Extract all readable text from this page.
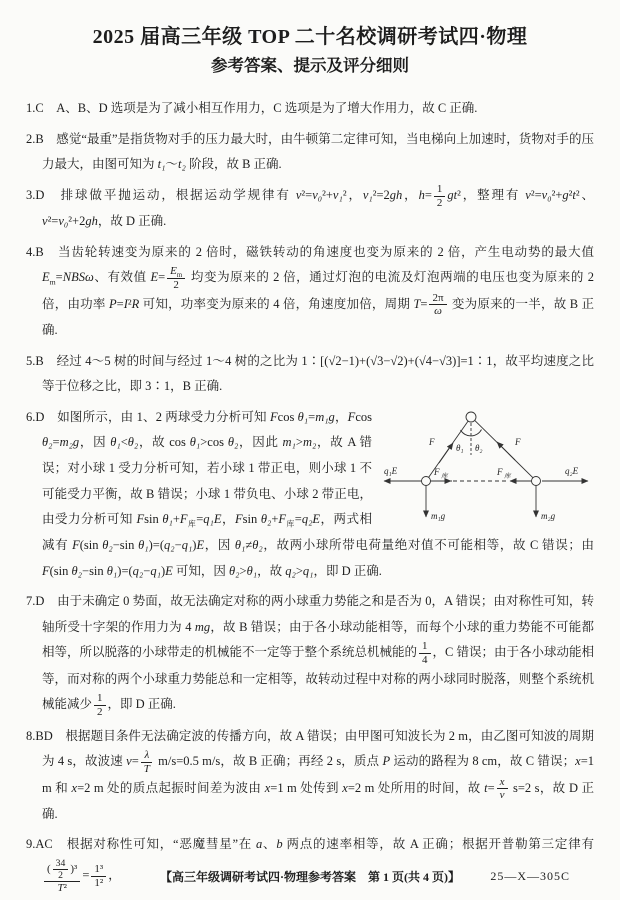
2025 届高三年级 TOP 二十名校调研考试四·物理
参考答案、提示及评分细则

1.C　A、B、D 选项是为了减小相互作用力，C 选项是为了增大作用力，故 C 正确.

2.B　感觉“最重”是指货物对手的压力最大时，由牛顿第二定律可知，当电梯向上加速时，货物对手的压力最大，由图可知为 t₁～t₂ 阶段，故 B 正确.

3.D　排球做平抛运动，根据运动学规律有 v²=v₀²+v₁²，v₁²=2gh，$h= \frac{1}{2} gt^2$，整理有 v²=v₀²+g²t²、v²=v₀²+2gh，故 D 正确.

4.B　当齿轮转速变为原来的 2 倍时，磁铁转动的角速度也变为原来的 2 倍，产生电动势的最大值 $E_m=NBS\omega$、有效值 $E= \frac{E_m}{2}$ 均变为原来的 2 倍，通过灯泡的电流及灯泡两端的电压也变为原来的 2 倍，由功率 P=I²R 可知，功率变为原来的 4 倍，角速度加倍，周期 $T= \frac{2\pi}{\omega}$ 变为原来的一半，故 B 正确.

5.B　经过 4～5 树的时间与经过 1～4 树的之比为 1∶[(√2−1)+(√3−√2)+(√4−√3)]=1∶1，故平均速度之比等于位移之比，即 3∶1，B 正确.

θ₁ θ₂
F	F
F 库	F 库
q₁E	q₂E
m₁g	m₂g
6.D　如图所示，由 1、2 两球受力分析可知 Fcos θ₁=m₁g，Fcos θ₂=m₂g，因 θ₁<θ₂，故 cos θ₁>cos θ₂，因此 m₁>m₂，故 A 错误；对小球 1 受力分析可知，若小球 1 带正电，则小球 1 不可能受力平衡，故 B 错误；小球 1 带负电、小球 2 带正电，由受力分析可知 Fsin $\theta_1+F_库=q_1E$，Fsin $\theta_2+F_库=q_2E$，两式相减有 F(sin θ₂−sin θ₁)=(q₂−q₁)E，因 θ₁≠θ₂，故两小球所带电荷量绝对值不可能相等，故 C 错误；由 F(sin θ₂−sin θ₁)=(q₂−q₁)E 可知，因 θ₂>θ₁，故 q₂>q₁，即 D 正确.

7.D　由于未确定 0 势面，故无法确定对称的两小球重力势能之和是否为 0，A 错误；由对称性可知，转轴所受十字架的作用力为 4 mg，故 B 错误；由于各小球动能相等，而每个小球的重力势能不可能都相等，所以脱落的小球带走的机械能不一定等于整个系统总机械能的 $\frac{1}{4}$ ，C 错误；由于各小球动能相等，而对称的两个小球重力势能总和一定相等，故转动过程中对称的两小球同时脱落，则整个系统机械能减少 $\frac{1}{2}$ ，即 D 正确.

8.BD　根据题目条件无法确定波的传播方向，故 A 错误；由甲图可知波长为 2 m，由乙图可知波的周期为 4 s，故波速 $v= \frac{\lambda}{T} m/s=0.5$ m/s，故 B 正确；再经 2 s，质点 P 运动的路程为 8 cm，故 C 错误；x=1 m 和 x=2 m 处的质点起振时间差为波由 x=1 m 处传到 x=2 m 处所用的时间，故 $t= \frac{x}{v} s=2$ s，故 D 正确.

9.AC　根据对称性可知，“恶魔彗星”在 a、b 两点的速率相等，故 A 正确；根据开普勒第三定律有
$\frac{( \frac{34}{2} )^3}{\text{T²}} = \frac{\text{1³}}{\text{1²}}$ ，	【高三年级调研考试四·物理参考答案　第 1 页(共 4 页)】	25—X—305C
